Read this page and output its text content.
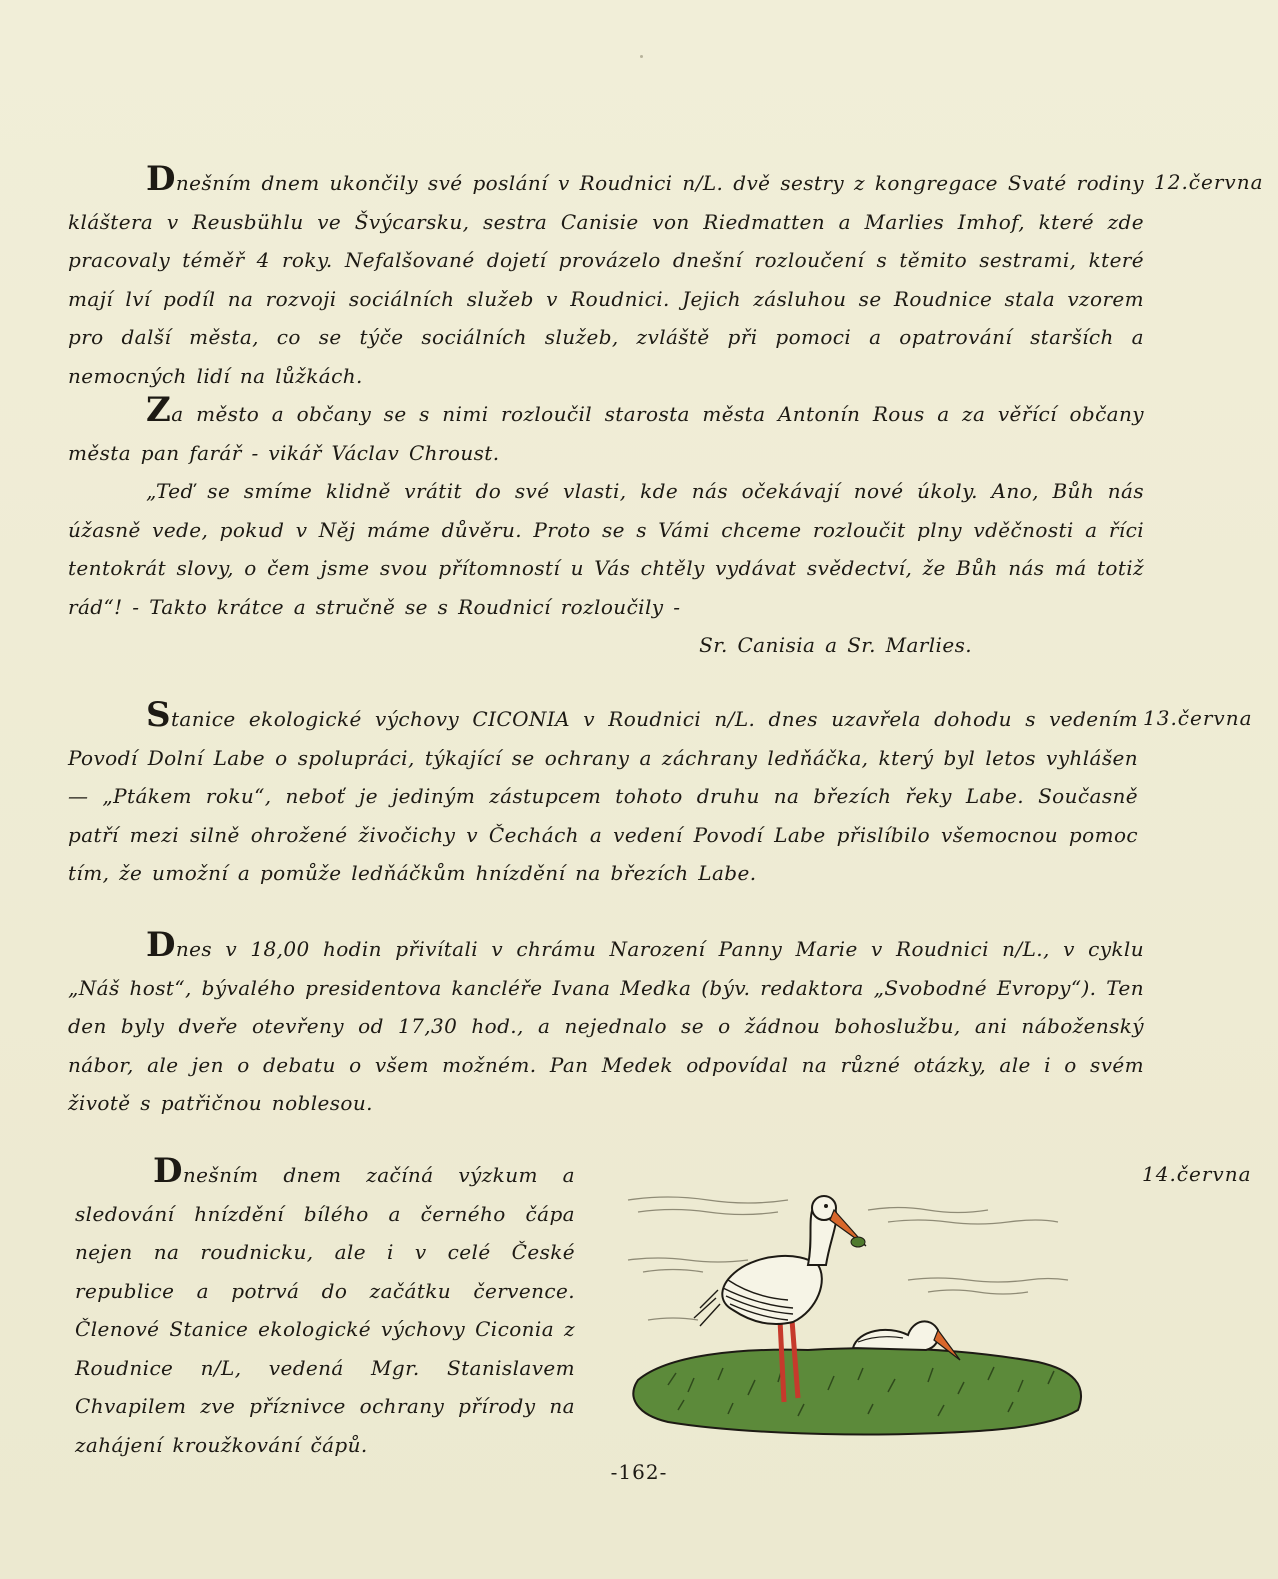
12.června

Dnešním dnem ukončily své poslání v Roudnici n/L. dvě sestry z kongregace Svaté rodiny kláštera v Reusbühlu ve Švýcarsku, sestra Canisie von Riedmatten a Marlies Imhof, které zde pracovaly téměř 4 roky. Nefalšované dojetí provázelo dnešní rozloučení s těmito sestrami, které mají lví podíl na rozvoji sociálních služeb v Roudnici. Jejich zásluhou se Roudnice stala vzorem pro další města, co se týče sociálních služeb, zvláště při pomoci a opatrování starších a nemocných lidí na lůžkách.

Za město a občany se s nimi rozloučil starosta města Antonín Rous a za věřící občany města pan farář - vikář Václav Chroust.

„Teď se smíme klidně vrátit do své vlasti, kde nás očekávají nové úkoly. Ano, Bůh nás úžasně vede, pokud v Něj máme důvěru. Proto se s Vámi chceme rozloučit plny vděčnosti a říci tentokrát slovy, o čem jsme svou přítomností u Vás chtěly vydávat svědectví, že Bůh nás má totiž rád“! - Takto krátce a stručně se s Roudnicí rozloučily -

Sr. Canisia a Sr. Marlies.

13.června

Stanice ekologické výchovy CICONIA v Roudnici n/L. dnes uzavřela dohodu s vedením Povodí Dolní Labe o spolupráci, týkající se ochrany a záchrany ledňáčka, který byl letos vyhlášen — „Ptákem roku“, neboť je jediným zástupcem tohoto druhu na březích řeky Labe. Současně patří mezi silně ohrožené živočichy v Čechách a vedení Povodí Labe přislíbilo všemocnou pomoc tím, že umožní a pomůže ledňáčkům hnízdění na březích Labe.

Dnes v 18,00 hodin přivítali v chrámu Narození Panny Marie v Roudnici n/L., v cyklu „Náš host“, bývalého presidentova kancléře Ivana Medka (býv. redaktora „Svobodné Evropy“). Ten den byly dveře otevřeny od 17,30 hod., a nejednalo se o žádnou bohoslužbu, ani náboženský nábor, ale jen o debatu o všem možném. Pan Medek odpovídal na různé otázky, ale i o svém životě s patřičnou noblesou.

14.června

Dnešním dnem začíná výzkum a sledování hnízdění bílého a černého čápa nejen na roudnicku, ale i v celé České republice a potrvá do začátku července. Členové Stanice ekologické výchovy Ciconia z Roudnice n/L, vedená Mgr. Stanislavem Chvapilem zve příznivce ochrany přírody na zahájení kroužkování čápů.

-162-
